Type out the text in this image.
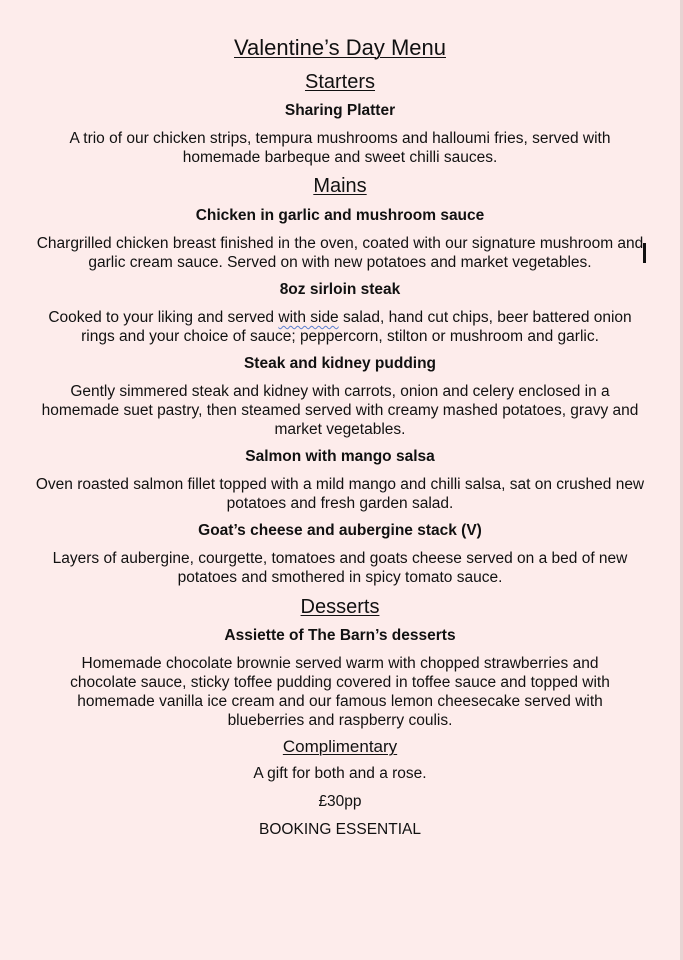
Valentine’s Day Menu
Starters

Sharing Platter

A trio of our chicken strips, tempura mushrooms and halloumi fries, served with homemade barbeque and sweet chilli sauces.

Mains

Chicken in garlic and mushroom sauce

Chargrilled chicken breast finished in the oven, coated with our signature mushroom and garlic cream sauce. Served on with new potatoes and market vegetables.

8oz sirloin steak

Cooked to your liking and served with side salad, hand cut chips, beer battered onion rings and your choice of sauce; peppercorn, stilton or mushroom and garlic.

Steak and kidney pudding

Gently simmered steak and kidney with carrots, onion and celery enclosed in a homemade suet pastry, then steamed served with creamy mashed potatoes, gravy and market vegetables.

Salmon with mango salsa

Oven roasted salmon fillet topped with a mild mango and chilli salsa, sat on crushed new potatoes and fresh garden salad.

Goat’s cheese and aubergine stack (V)

Layers of aubergine, courgette, tomatoes and goats cheese served on a bed of new potatoes and smothered in spicy tomato sauce.

Desserts

Assiette of The Barn’s desserts

Homemade chocolate brownie served warm with chopped strawberries and chocolate sauce, sticky toffee pudding covered in toffee sauce and topped with homemade vanilla ice cream and our famous lemon cheesecake served with blueberries and raspberry coulis.

Complimentary

A gift for both and a rose.

£30pp

BOOKING ESSENTIAL
